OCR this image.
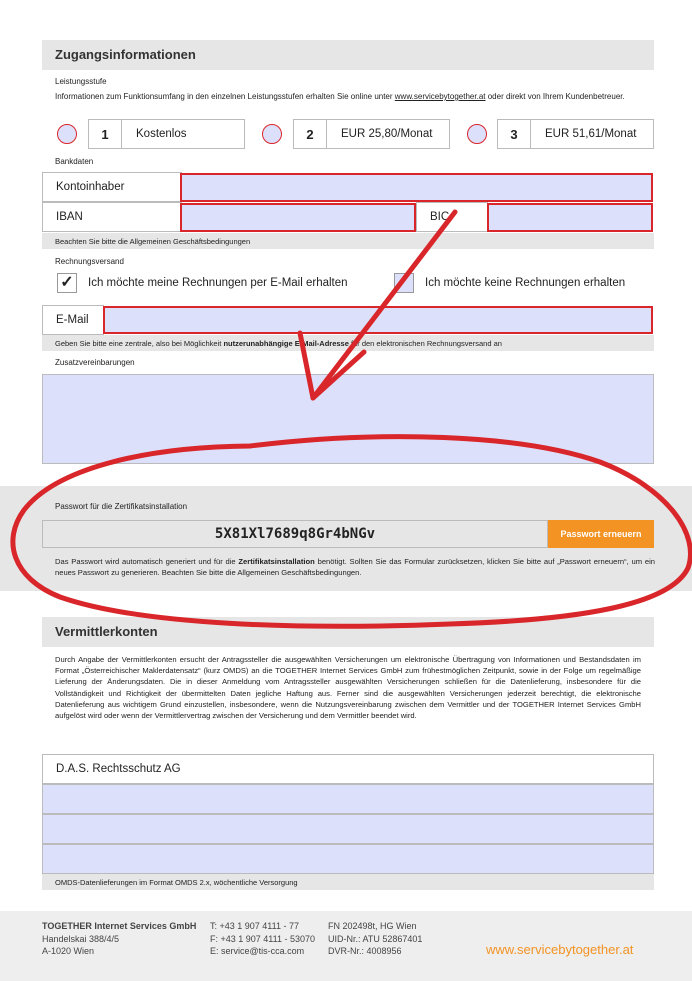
Zugangsinformationen
Leistungsstufe
Informationen zum Funktionsumfang in den einzelnen Leistungsstufen erhalten Sie online unter www.servicebytogether.at oder direkt von Ihrem Kundenbetreuer.
1	Kostenlos	2	EUR 25,80/Monat	3	EUR 51,61/Monat
Bankdaten
Kontoinhaber
IBAN	BIC
Beachten Sie bitte die Allgemeinen Geschäftsbedingungen
Rechnungsversand
✓ Ich möchte meine Rechnungen per E-Mail erhalten	Ich möchte keine Rechnungen erhalten
E-Mail
Geben Sie bitte eine zentrale, also bei Möglichkeit
nutzerunabhängige E-Mail-Adresse
für den elektronischen Rechnungsversand an
Zusatzvereinbarungen
Passwort für die Zertifikatsinstallation
5X81Xl7689q8Gr4bNGv	Passwort erneuern
Das Passwort wird automatisch generiert und für die Zertifikatsinstallation benötigt. Sollten Sie das Formular zurücksetzen, klicken Sie bitte auf „Passwort erneuern“, um ein neues Passwort zu generieren. Beachten Sie bitte die Allgemeinen Geschäftsbedingungen.
Vermittlerkonten
Durch Angabe der Vermittlerkonten ersucht der Antragssteller die ausgewählten Versicherungen um elektronische Übertragung von Informationen und Bestandsdaten im Format „Österreichischer Maklerdatensatz“ (kurz OMDS) an die TOGETHER Internet Services GmbH zum frühestmöglichen Zeitpunkt, sowie in der Folge um regelmäßige Lieferung der Änderungsdaten. Die in dieser Anmeldung vom Antragssteller ausgewählten Versicherungen schließen für die Datenlieferung, insbesondere für die Vollständigkeit und Richtigkeit der übermittelten Daten jegliche Haftung aus. Ferner sind die ausgewählten Versicherungen jederzeit berechtigt, die elektronische Datenlieferung aus wichtigem Grund einzustellen, insbesondere, wenn die Nutzungsvereinbarung zwischen dem Vermittler und der TOGETHER Internet Services GmbH aufgelöst wird oder wenn der Vermittlervertrag zwischen der Versicherung und dem Vermittler beendet wird.
D.A.S. Rechtsschutz AG
OMDS-Datenlieferungen im Format OMDS 2.x, wöchentliche Versorgung
TOGETHER Internet Services GmbH
Handelskai 388/4/5
A-1020 Wien
T: +43 1 907 4111 - 77
F: +43 1 907 4111 - 53070
E: service@tis-cca.com
FN 202498t, HG Wien
UID-Nr.: ATU 52867401
DVR-Nr.: 4008956	www.servicebytogether.at
